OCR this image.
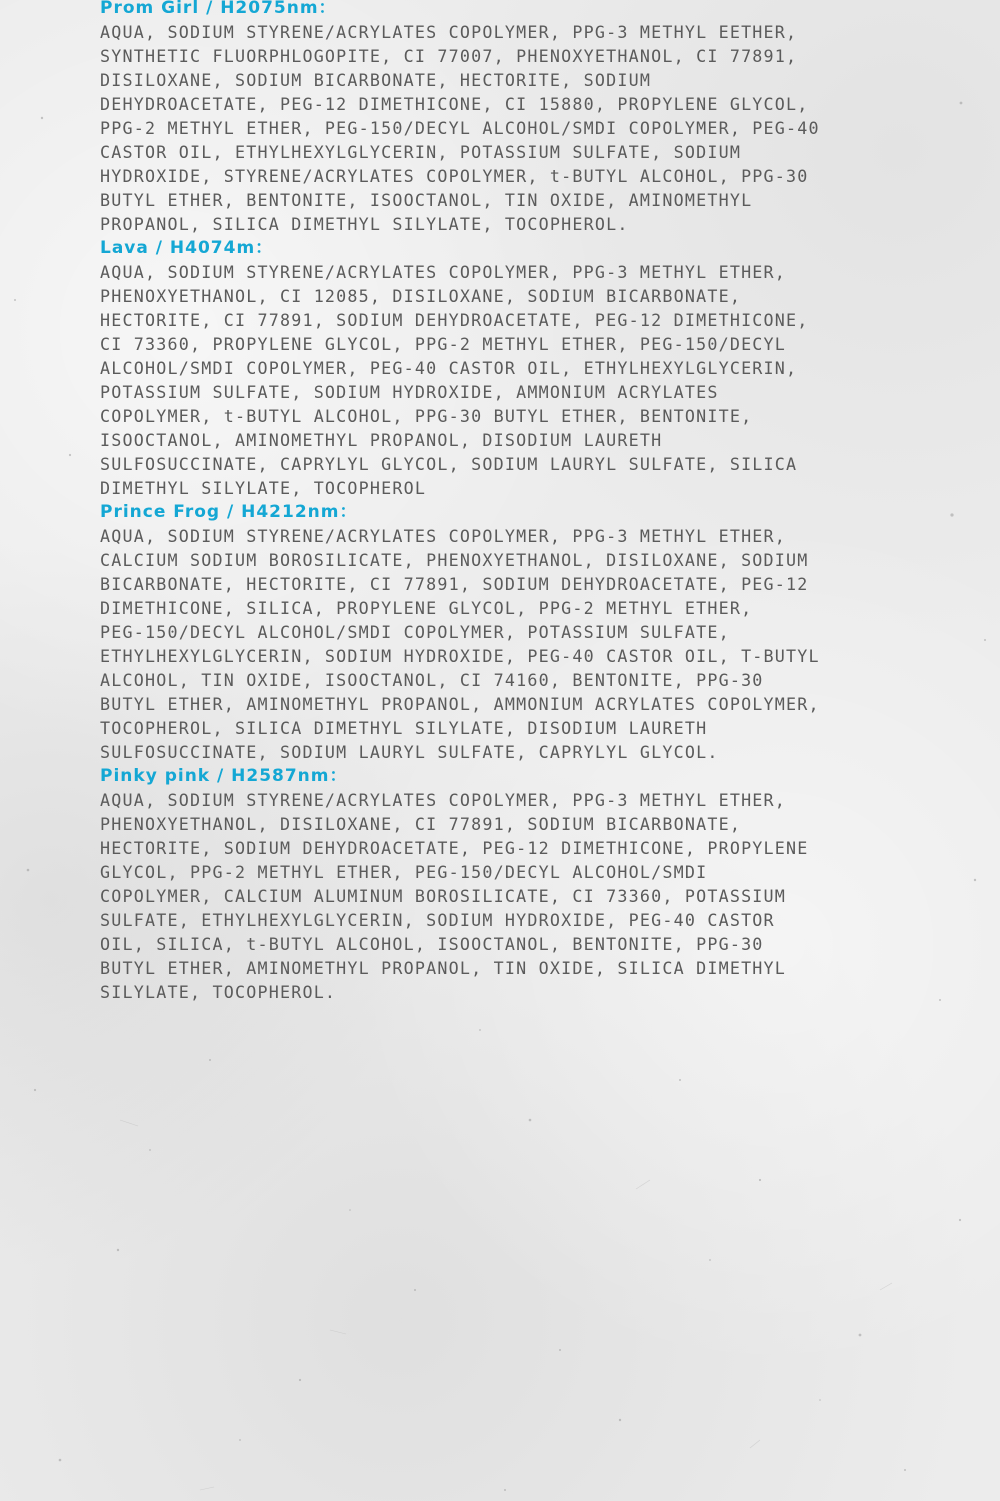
Prom Girl / H2075nm：

AQUA, SODIUM STYRENE/ACRYLATES COPOLYMER, PPG-3 METHYL EETHER,
SYNTHETIC FLUORPHLOGOPITE, CI 77007, PHENOXYETHANOL, CI 77891,
DISILOXANE, SODIUM BICARBONATE, HECTORITE, SODIUM
DEHYDROACETATE, PEG-12 DIMETHICONE, CI 15880, PROPYLENE GLYCOL,
PPG-2 METHYL ETHER, PEG-150/DECYL ALCOHOL/SMDI COPOLYMER, PEG-40
CASTOR OIL, ETHYLHEXYLGLYCERIN, POTASSIUM SULFATE, SODIUM
HYDROXIDE, STYRENE/ACRYLATES COPOLYMER, t-BUTYL ALCOHOL, PPG-30
BUTYL ETHER, BENTONITE, ISOOCTANOL, TIN OXIDE, AMINOMETHYL
PROPANOL, SILICA DIMETHYL SILYLATE, TOCOPHEROL.

Lava / H4074m：

AQUA, SODIUM STYRENE/ACRYLATES COPOLYMER, PPG-3 METHYL ETHER,
PHENOXYETHANOL, CI 12085, DISILOXANE, SODIUM BICARBONATE,
HECTORITE, CI 77891, SODIUM DEHYDROACETATE, PEG-12 DIMETHICONE,
CI 73360, PROPYLENE GLYCOL, PPG-2 METHYL ETHER, PEG-150/DECYL
ALCOHOL/SMDI COPOLYMER, PEG-40 CASTOR OIL, ETHYLHEXYLGLYCERIN,
POTASSIUM SULFATE, SODIUM HYDROXIDE, AMMONIUM ACRYLATES
COPOLYMER, t-BUTYL ALCOHOL, PPG-30 BUTYL ETHER, BENTONITE,
ISOOCTANOL, AMINOMETHYL PROPANOL, DISODIUM LAURETH
SULFOSUCCINATE, CAPRYLYL GLYCOL, SODIUM LAURYL SULFATE, SILICA
DIMETHYL SILYLATE, TOCOPHEROL

Prince Frog / H4212nm：

AQUA, SODIUM STYRENE/ACRYLATES COPOLYMER, PPG-3 METHYL ETHER,
CALCIUM SODIUM BOROSILICATE, PHENOXYETHANOL, DISILOXANE, SODIUM
BICARBONATE, HECTORITE, CI 77891, SODIUM DEHYDROACETATE, PEG-12
DIMETHICONE, SILICA, PROPYLENE GLYCOL, PPG-2 METHYL ETHER,
PEG-150/DECYL ALCOHOL/SMDI COPOLYMER, POTASSIUM SULFATE,
ETHYLHEXYLGLYCERIN, SODIUM HYDROXIDE, PEG-40 CASTOR OIL, T-BUTYL
ALCOHOL, TIN OXIDE, ISOOCTANOL, CI 74160, BENTONITE, PPG-30
BUTYL ETHER, AMINOMETHYL PROPANOL, AMMONIUM ACRYLATES COPOLYMER,
TOCOPHEROL, SILICA DIMETHYL SILYLATE, DISODIUM LAURETH
SULFOSUCCINATE, SODIUM LAURYL SULFATE, CAPRYLYL GLYCOL.

Pinky pink / H2587nm：

AQUA, SODIUM STYRENE/ACRYLATES COPOLYMER, PPG-3 METHYL ETHER,
PHENOXYETHANOL, DISILOXANE, CI 77891, SODIUM BICARBONATE,
HECTORITE, SODIUM DEHYDROACETATE, PEG-12 DIMETHICONE, PROPYLENE
GLYCOL, PPG-2 METHYL ETHER, PEG-150/DECYL ALCOHOL/SMDI
COPOLYMER, CALCIUM ALUMINUM BOROSILICATE, CI 73360, POTASSIUM
SULFATE, ETHYLHEXYLGLYCERIN, SODIUM HYDROXIDE, PEG-40 CASTOR
OIL, SILICA, t-BUTYL ALCOHOL, ISOOCTANOL, BENTONITE, PPG-30
BUTYL ETHER, AMINOMETHYL PROPANOL, TIN OXIDE, SILICA DIMETHYL
SILYLATE, TOCOPHEROL.
